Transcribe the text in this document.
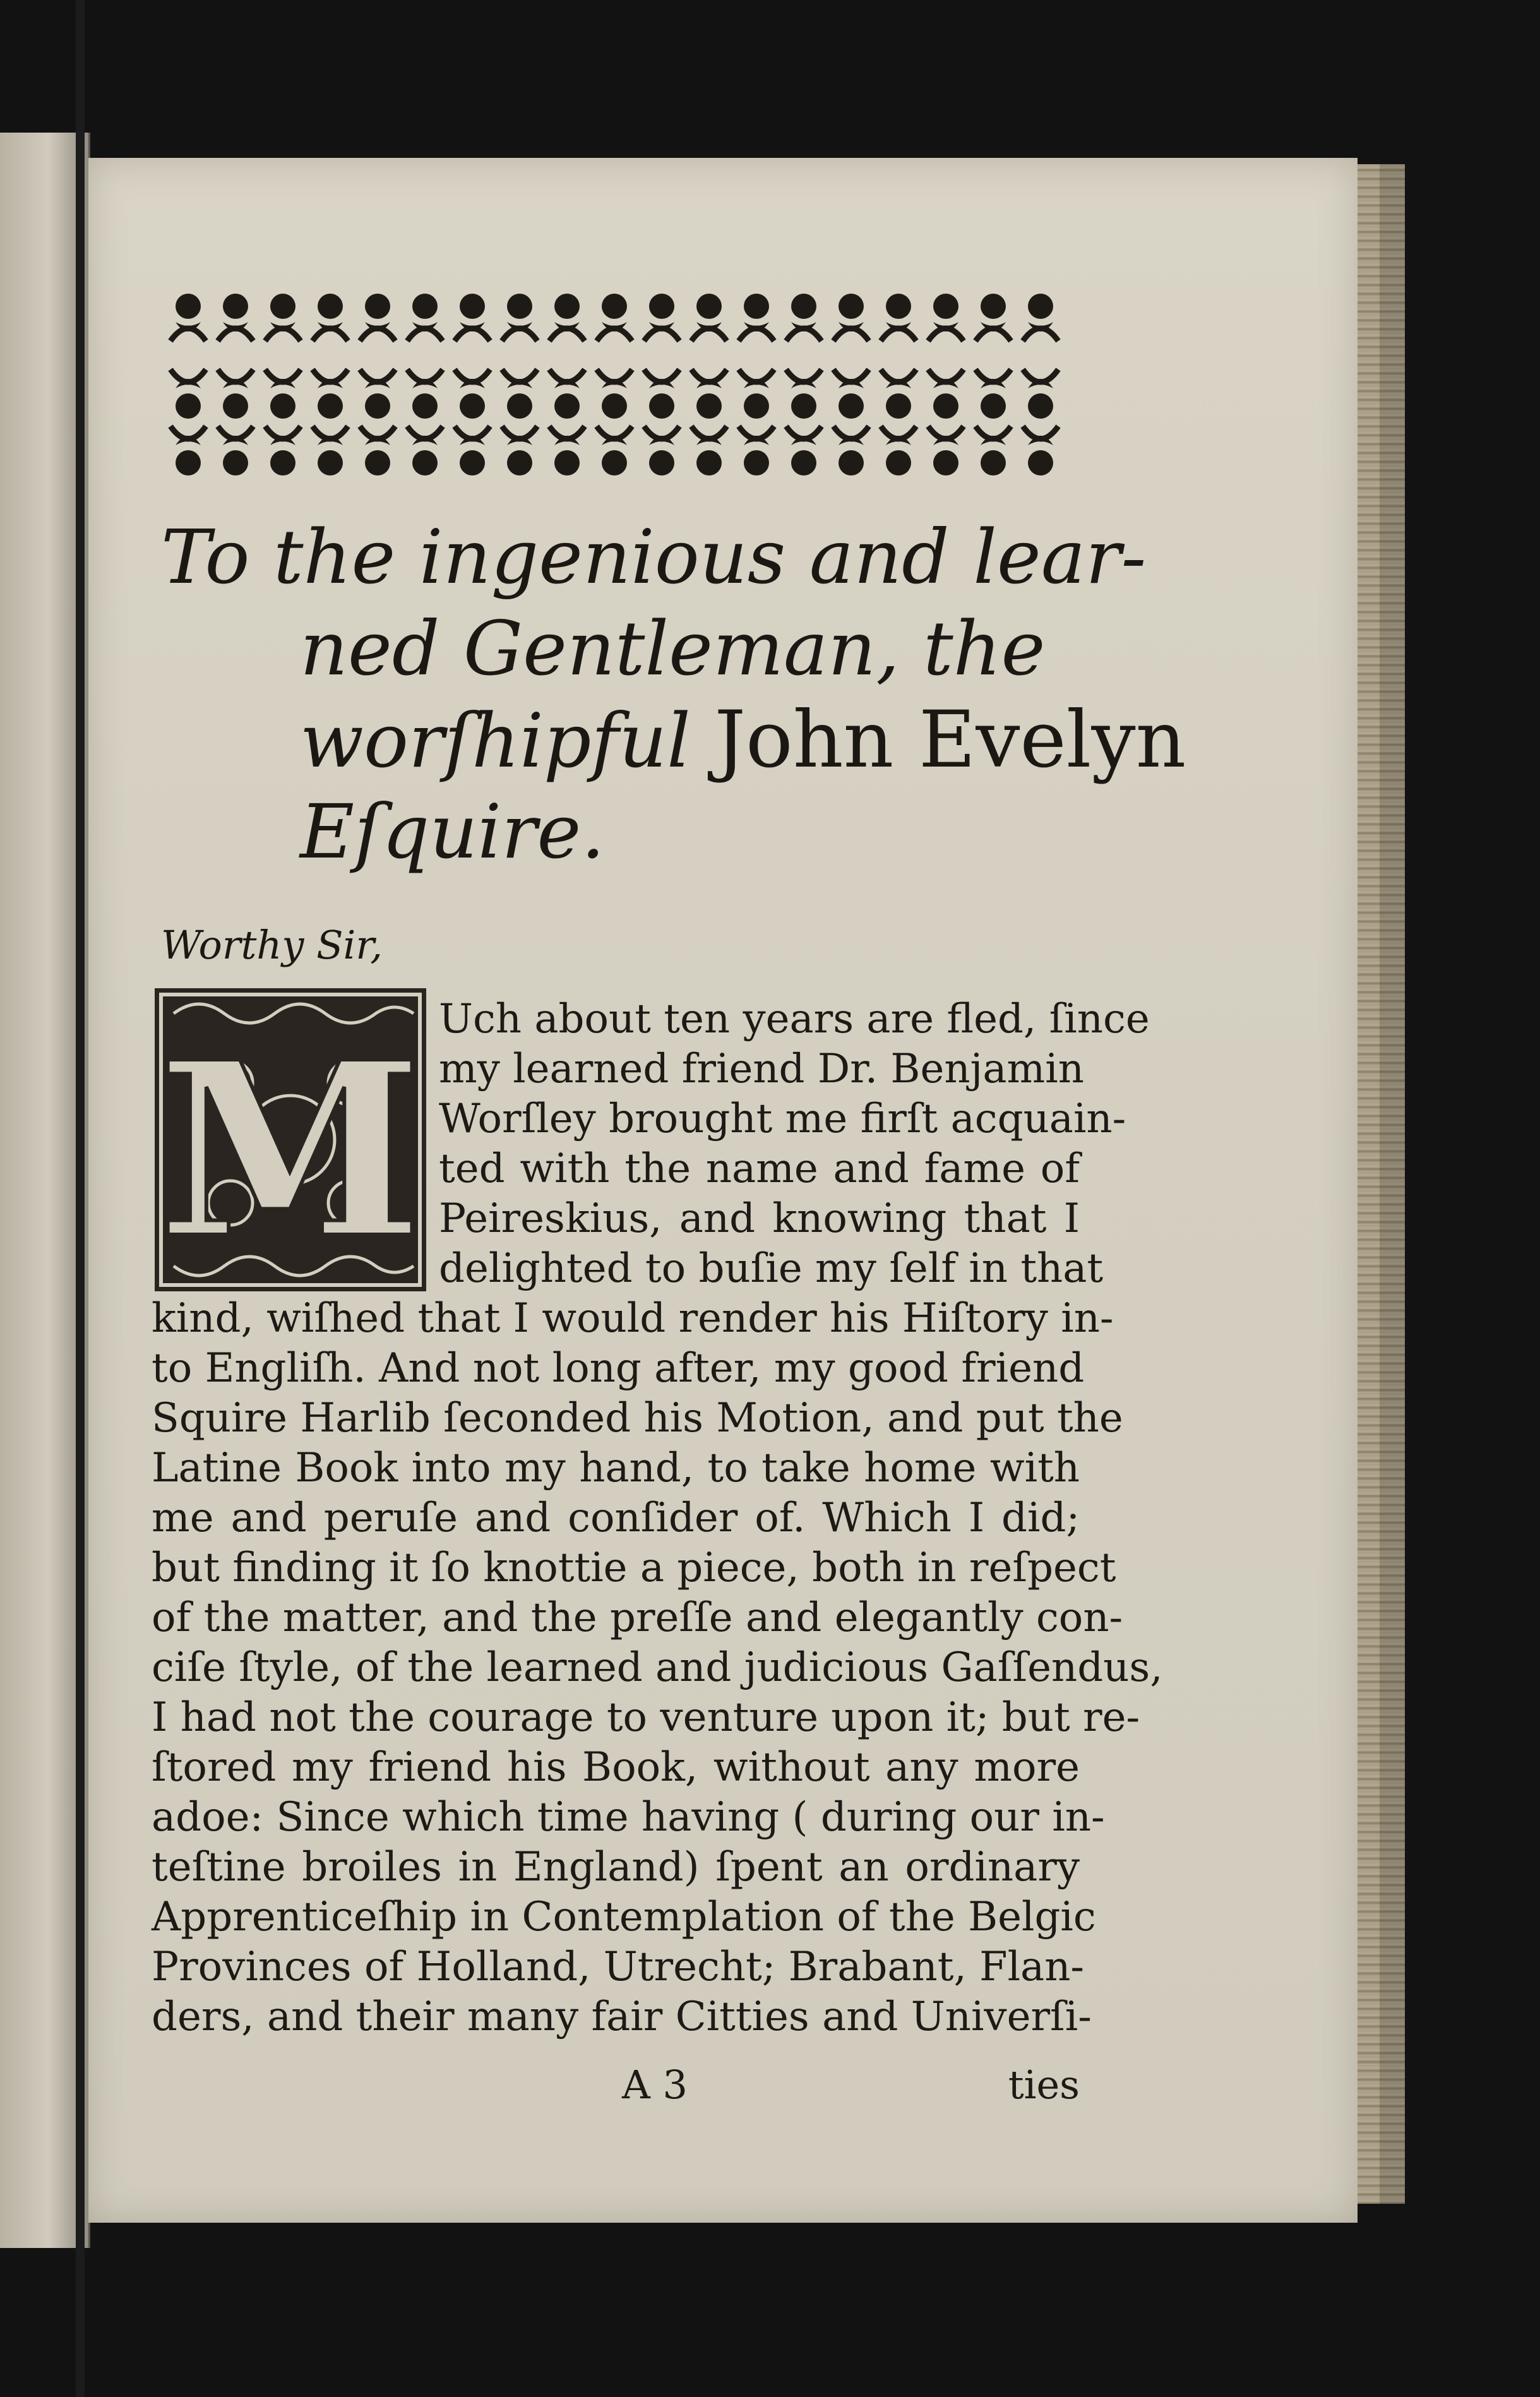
To the ingenious and lear-
ned Gentleman, the
worſhipful John Evelyn
Eſquire.
Worthy Sir,
M Uch about ten years are fled, ſince
my learned friend Dr. Benjamin
Worſley brought me firſt acquain-
ted with the name and fame of
Peireskius, and knowing that I
delighted to buſie my ſelf in that
kind, wiſhed that I would render his Hiſtory in-
to Engliſh. And not long after, my good friend
Squire Harlib ſeconded his Motion, and put the
Latine Book into my hand, to take home with
me and peruſe and conſider of. Which I did;
but finding it ſo knottie a piece, both in reſpect
of the matter, and the preſſe and elegantly con-
ciſe ſtyle, of the learned and judicious Gaſſendus,
I had not the courage to venture upon it; but re-
ſtored my friend his Book, without any more
adoe: Since which time having ( during our in-
teſtine broiles in England) ſpent an ordinary
Apprenticeſhip in Contemplation of the Belgic
Provinces of Holland, Utrecht; Brabant, Flan-
ders, and their many fair Citties and Univerſi-
A 3	ties
